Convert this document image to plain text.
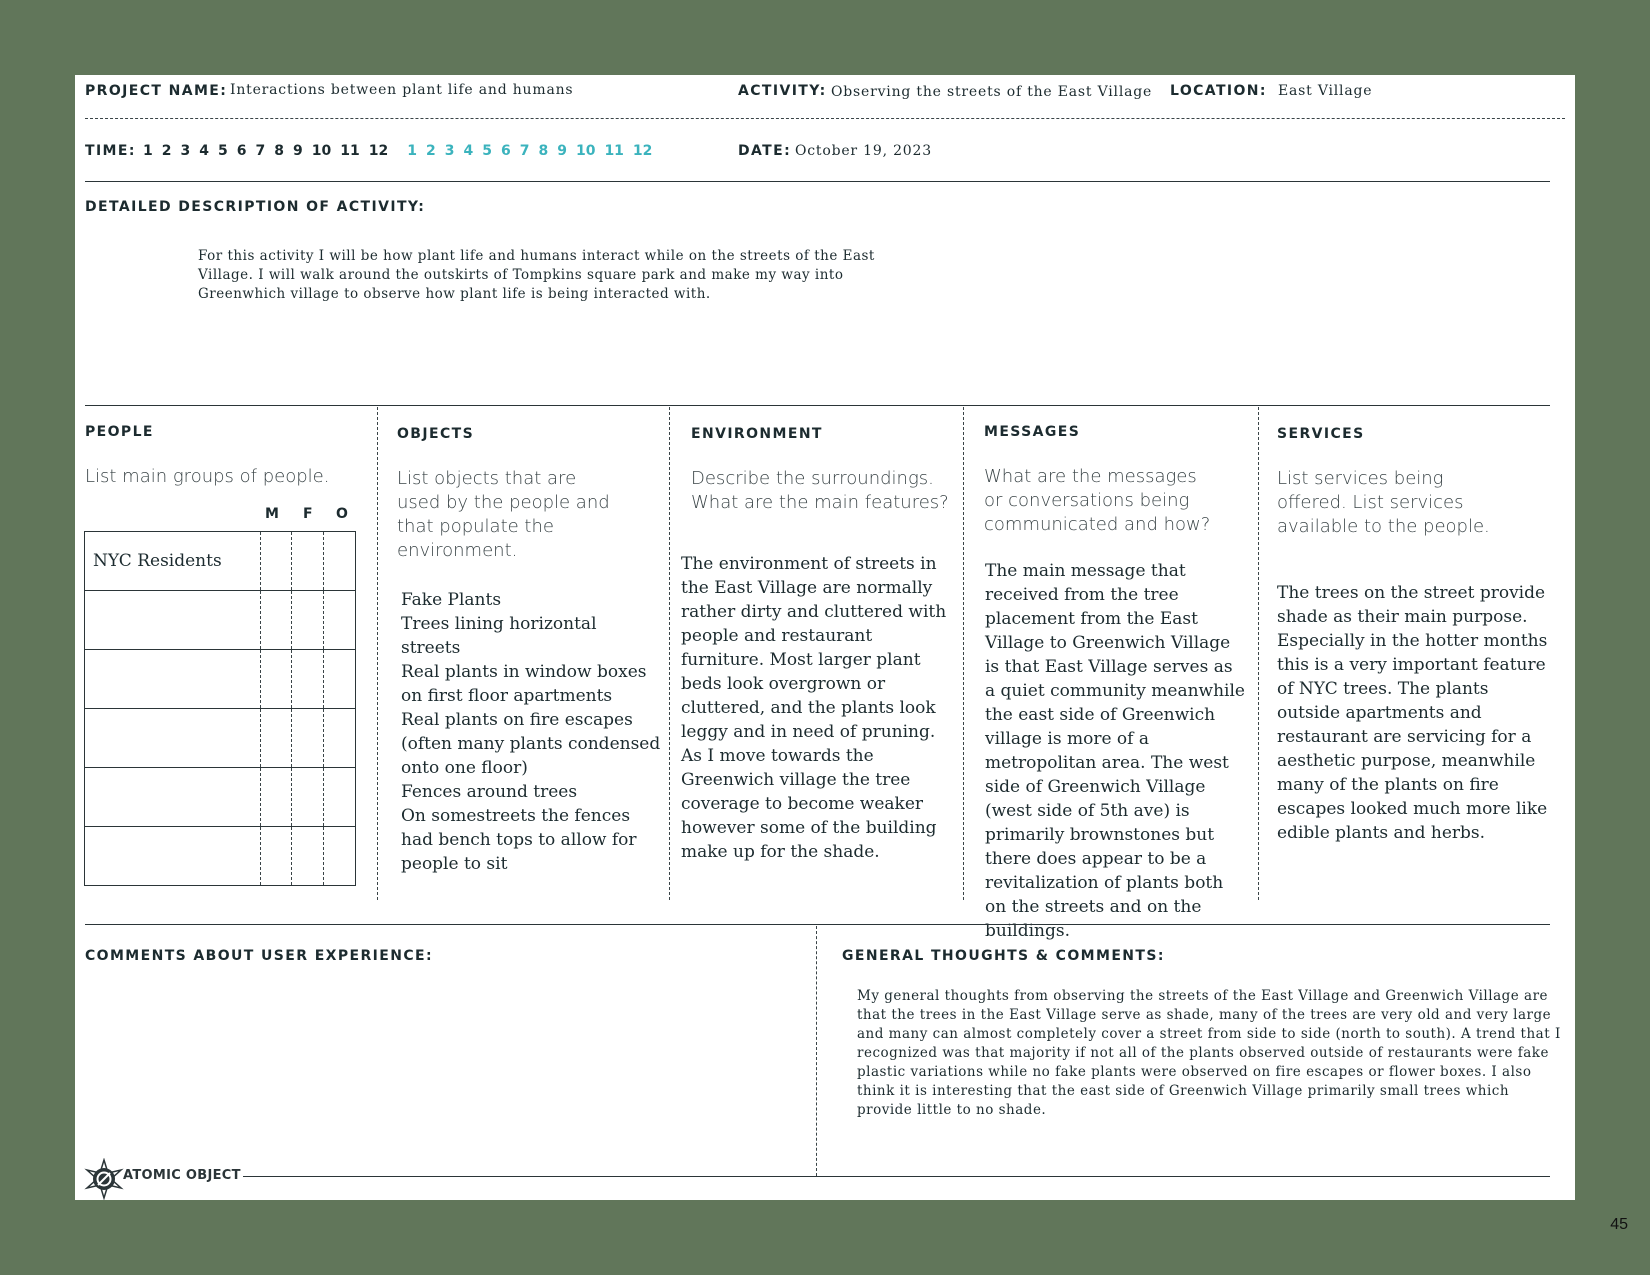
PROJECT NAME: Interactions between plant life and humans	ACTIVITY: Observing the streets of the East Village LOCATION: East Village
TIME: 1 2 3 4 5 6 7 8 9 10 11 12 1 2 3 4 5 6 7 8 9 10 11 12	DATE: October 19, 2023
DETAILED DESCRIPTION OF ACTIVITY:
For this activity I will be how plant life and humans interact while on the streets of the East Village. I will walk around the outskirts of Tompkins square park and make my way into Greenwhich village to observe how plant life is being interacted with.
PEOPLE
List main groups of people.
M F O
NYC Residents			

OBJECTS
List objects that are used by the people and that populate the environment.
Fake Plants
Trees lining horizontal streets
Real plants in window boxes on first floor apartments
Real plants on fire escapes (often many plants condensed onto one floor)
Fences around trees
On somestreets the fences had bench tops to allow for people to sit
ENVIRONMENT
Describe the surroundings. What are the main features?
The environment of streets in the East Village are normally rather dirty and cluttered with people and restaurant furniture. Most larger plant beds look overgrown or cluttered, and the plants look leggy and in need of pruning. As I move towards the Greenwich village the tree coverage to become weaker however some of the building make up for the shade.
MESSAGES
What are the messages or conversations being communicated and how?
The main message that received from the tree placement from the East Village to Greenwich Village is that East Village serves as a quiet community meanwhile the east side of Greenwich village is more of a metropolitan area. The west side of Greenwich Village (west side of 5th ave) is primarily brownstones but there does appear to be a revitalization of plants both on the streets and on the buildings.
SERVICES
List services being offered. List services available to the people.
The trees on the street provide shade as their main purpose. Especially in the hotter months this is a very important feature of NYC trees. The plants outside apartments and restaurant are servicing for a aesthetic purpose, meanwhile many of the plants on fire escapes looked much more like edible plants and herbs.
COMMENTS ABOUT USER EXPERIENCE:	GENERAL THOUGHTS & COMMENTS:
My general thoughts from observing the streets of the East Village and Greenwich Village are that the trees in the East Village serve as shade, many of the trees are very old and very large and many can almost completely cover a street from side to side (north to south). A trend that I recognized was that majority if not all of the plants observed outside of restaurants were fake plastic variations while no fake plants were observed on fire escapes or flower boxes. I also think it is interesting that the east side of Greenwich Village primarily small trees which provide little to no shade.
ATOMIC OBJECT
45
